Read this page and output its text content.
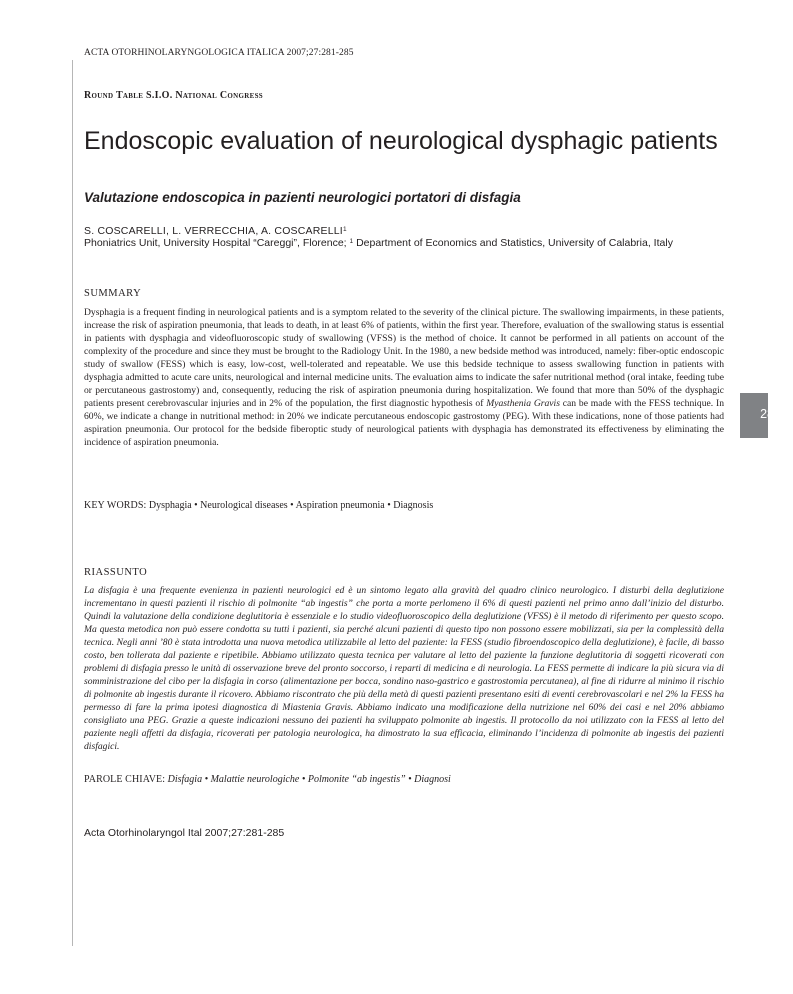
281
ACTA OTORHINOLARYNGOLOGICA ITALICA 2007;27:281-285
Round Table S.I.O. National Congress
Endoscopic evaluation of neurological dysphagic patients
Valutazione endoscopica in pazienti neurologici portatori di disfagia
S. COSCARELLI, L. VERRECCHIA, A. COSCARELLI$^1$
Phoniatrics Unit, University Hospital “Careggi”, Florence; $^1$ Department of Economics and Statistics, University of Calabria, Italy
SUMMARY

Dysphagia is a frequent finding in neurological patients and is a symptom related to the severity of the clinical picture. The swallowing impairments, in these patients, increase the risk of aspiration pneumonia, that leads to death, in at least 6% of patients, within the first year. Therefore, evaluation of the swallowing status is essential in patients with dysphagia and videofluoroscopic study of swallowing (VFSS) is the method of choice. It cannot be performed in all patients on account of the complexity of the procedure and since they must be brought to the Radiology Unit. In the 1980, a new bedside method was introduced, namely: fiber-optic endoscopic study of swallow (FESS) which is easy, low-cost, well-tolerated and repeatable. We use this bedside technique to assess swallowing function in patients with dysphagia admitted to acute care units, neurological and internal medicine units. The evaluation aims to indicate the safer nutritional method (oral intake, feeding tube or percutaneous gastrostomy) and, consequently, reducing the risk of aspiration pneumonia during hospitalization. We found that more than 50% of the dysphagic patients present cerebrovascular injuries and in 2% of the population, the first diagnostic hypothesis of Myasthenia Gravis can be made with the FESS technique. In 60%, we indicate a change in nutritional method: in 20% we indicate percutaneous endoscopic gastrostomy (PEG). With these indications, none of those patients had aspiration pneumonia. Our protocol for the bedside fiberoptic study of neurological patients with dysphagia has demonstrated its effectiveness by eliminating the incidence of aspiration pneumonia.

KEY WORDS: Dysphagia • Neurological diseases • Aspiration pneumonia • Diagnosis
RIASSUNTO

La disfagia è una frequente evenienza in pazienti neurologici ed è un sintomo legato alla gravità del quadro clinico neurologico. I disturbi della deglutizione incrementano in questi pazienti il rischio di polmonite “ab ingestis” che porta a morte perlomeno il 6% di questi pazienti nel primo anno dall’inizio del disturbo. Quindi la valutazione della condizione deglutitoria è essenziale e lo studio videofluoroscopico della deglutizione (VFSS) è il metodo di riferimento per questo scopo. Ma questa metodica non può essere condotta su tutti i pazienti, sia perché alcuni pazienti di questo tipo non possono essere mobilizzati, sia per la complessità della tecnica. Negli anni ’80 è stata introdotta una nuova metodica utilizzabile al letto del paziente: la FESS (studio fibroendoscopico della deglutizione), è facile, di basso costo, ben tollerata dal paziente e ripetibile. Abbiamo utilizzato questa tecnica per valutare al letto del paziente la funzione deglutitoria di soggetti ricoverati con problemi di disfagia presso le unità di osservazione breve del pronto soccorso, i reparti di medicina e di neurologia. La FESS permette di indicare la più sicura via di somministrazione del cibo per la disfagia in corso (alimentazione per bocca, sondino naso-gastrico e gastrostomia percutanea), al fine di ridurre al minimo il rischio di polmonite ab ingestis durante il ricovero. Abbiamo riscontrato che più della metà di questi pazienti presentano esiti di eventi cerebrovascolari e nel 2% la FESS ha permesso di fare la prima ipotesi diagnostica di Miastenia Gravis. Abbiamo indicato una modificazione della nutrizione nel 60% dei casi e nel 20% abbiamo consigliato una PEG. Grazie a queste indicazioni nessuno dei pazienti ha sviluppato polmonite ab ingestis. Il protocollo da noi utilizzato con la FESS al letto del paziente negli affetti da disfagia, ricoverati per patologia neurologica, ha dimostrato la sua efficacia, eliminando l’incidenza di polmonite ab ingestis dei pazienti disfagici.

PAROLE CHIAVE: Disfagia • Malattie neurologiche • Polmonite “ab ingestis” • Diagnosi
Acta Otorhinolaryngol Ital 2007;27:281-285
